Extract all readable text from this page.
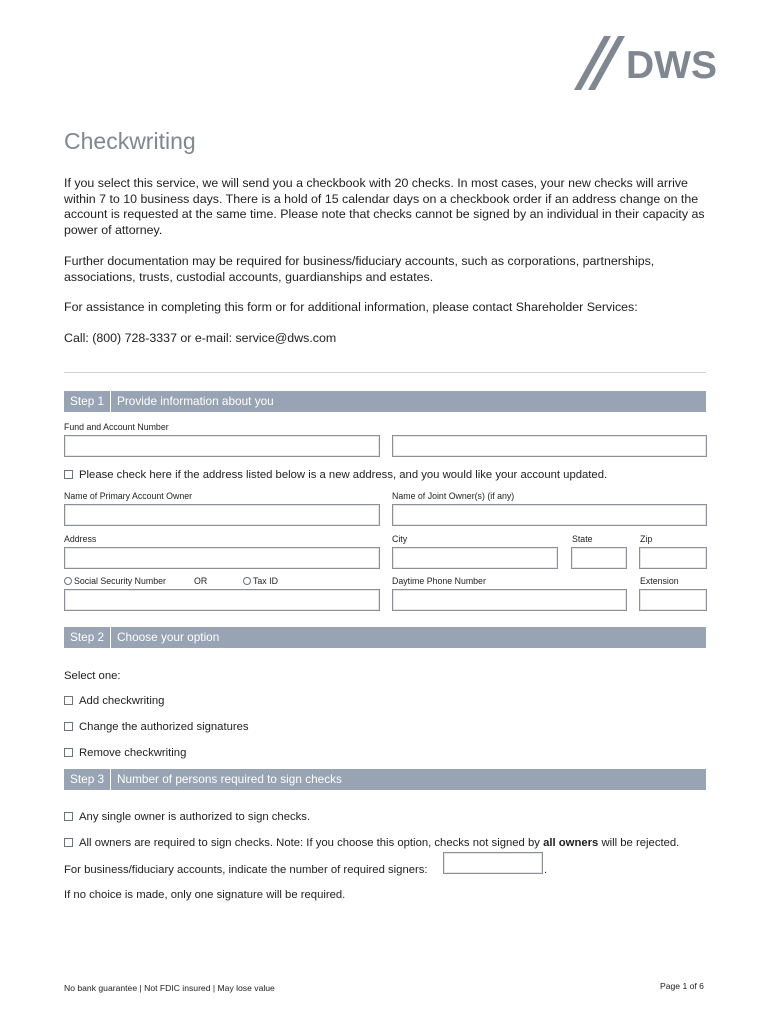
DWS
Checkwriting
If you select this service, we will send you a checkbook with 20 checks. In most cases, your new checks will arrive within 7 to 10 business days. There is a hold of 15 calendar days on a checkbook order if an address change on the account is requested at the same time. Please note that checks cannot be signed by an individual in their capacity as power of attorney.
Further documentation may be required for business/fiduciary accounts, such as corporations, partnerships, associations, trusts, custodial accounts, guardianships and estates.
For assistance in completing this form or for additional information, please contact Shareholder Services:
Call: (800) 728-3337 or e-mail: service@dws.com
Step 1	Provide information about you
Fund and Account Number
Please check here if the address listed below is a new address, and you would like your account updated.
Name of Primary Account Owner	Name of Joint Owner(s) (if any)
Address	City	State	Zip
Social Security Number	OR	Tax ID	Daytime Phone Number	Extension
Step 2	Choose your option
Select one:
Add checkwriting
Change the authorized signatures
Remove checkwriting
Step 3	Number of persons required to sign checks
Any single owner is authorized to sign checks.
All owners are required to sign checks. Note: If you choose this option, checks not signed by all owners will be rejected.
For business/fiduciary accounts, indicate the number of required signers:	.
If no choice is made, only one signature will be required.
No bank guarantee | Not FDIC insured | May lose value	Page 1 of 6
